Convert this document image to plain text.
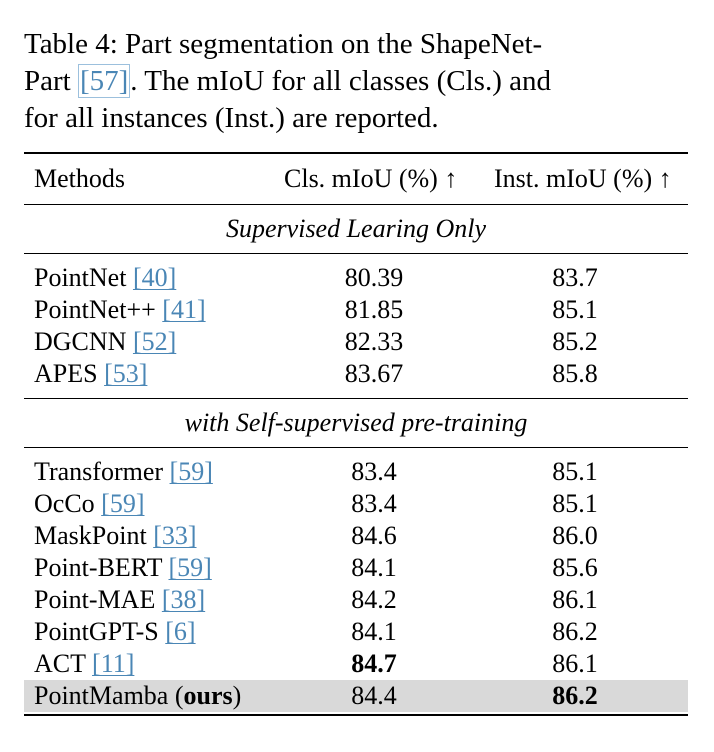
Table 4: Part segmentation on the ShapeNet-
Part [57]. The mIoU for all classes (Cls.) and
for all instances (Inst.) are reported.
Methods	Cls. mIoU (%) ↑	Inst. mIoU (%) ↑
Supervised Learing Only
PointNet [40]	80.39	83.7
PointNet++ [41]	81.85	85.1
DGCNN [52]	82.33	85.2
APES [53]	83.67	85.8
with Self-supervised pre-training
Transformer [59]	83.4	85.1
OcCo [59]	83.4	85.1
MaskPoint [33]	84.6	86.0
Point-BERT [59]	84.1	85.6
Point-MAE [38]	84.2	86.1
PointGPT-S [6]	84.1	86.2
ACT [11]	84.7	86.1
PointMamba (ours)	84.4	86.2
